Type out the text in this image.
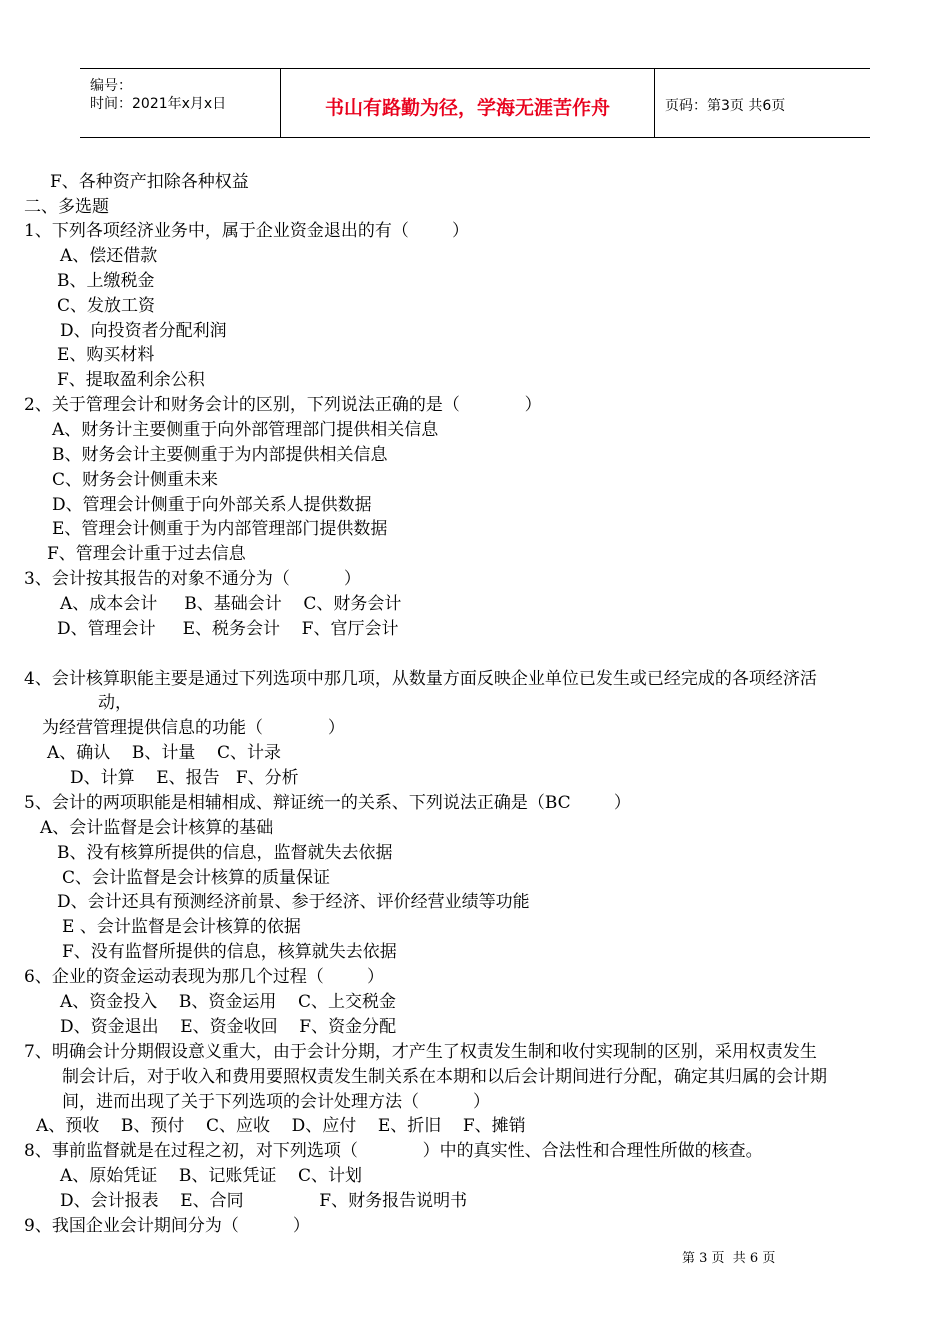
编号：
时间：2021年x月x日	书山有路勤为径，学海无涯苦作舟	页码：第3页 共6页
F、各种资产扣除各种权益
二、多选题
1、下列各项经济业务中，属于企业资金退出的有（        ）
A、偿还借款
B、上缴税金
C、发放工资
D、向投资者分配利润
E、购买材料
F、提取盈利余公积
2、关于管理会计和财务会计的区别，下列说法正确的是（            ）
A、财务计主要侧重于向外部管理部门提供相关信息
B、财务会计主要侧重于为内部提供相关信息
C、财务会计侧重未来
D、管理会计侧重于向外部关系人提供数据
E、管理会计侧重于为内部管理部门提供数据
F、管理会计重于过去信息
3、会计按其报告的对象不通分为（          ）
A、成本会计     B、基础会计    C、财务会计
D、管理会计     E、税务会计    F、官厅会计
4、会计核算职能主要是通过下列选项中那几项，从数量方面反映企业单位已发生或已经完成的各项经济活
动，
为经营管理提供信息的功能（            ）
A、确认    B、计量    C、计录
D、计算    E、报告   F、分析
5、会计的两项职能是相辅相成、辩证统一的关系、下列说法正确是（BC        ）
A、会计监督是会计核算的基础
B、没有核算所提供的信息，监督就失去依据
C、会计监督是会计核算的质量保证
D、会计还具有预测经济前景、参于经济、评价经营业绩等功能
E 、会计监督是会计核算的依据
F、没有监督所提供的信息，核算就失去依据
6、企业的资金运动表现为那几个过程（        ）
A、资金投入    B、资金运用    C、上交税金
D、资金退出    E、资金收回    F、资金分配
7、明确会计分期假设意义重大，由于会计分期，才产生了权责发生制和收付实现制的区别，采用权责发生
制会计后，对于收入和费用要照权责发生制关系在本期和以后会计期间进行分配，确定其归属的会计期
间，进而出现了关于下列选项的会计处理方法（          ）
A、预收    B、预付    C、应收    D、应付    E、折旧    F、摊销
8、事前监督就是在过程之初，对下列选项（            ）中的真实性、合法性和合理性所做的核查。
A、原始凭证    B、记账凭证    C、计划
D、会计报表    E、合同              F、财务报告说明书
9、我国企业会计期间分为（          ）
第 3 页  共 6 页
